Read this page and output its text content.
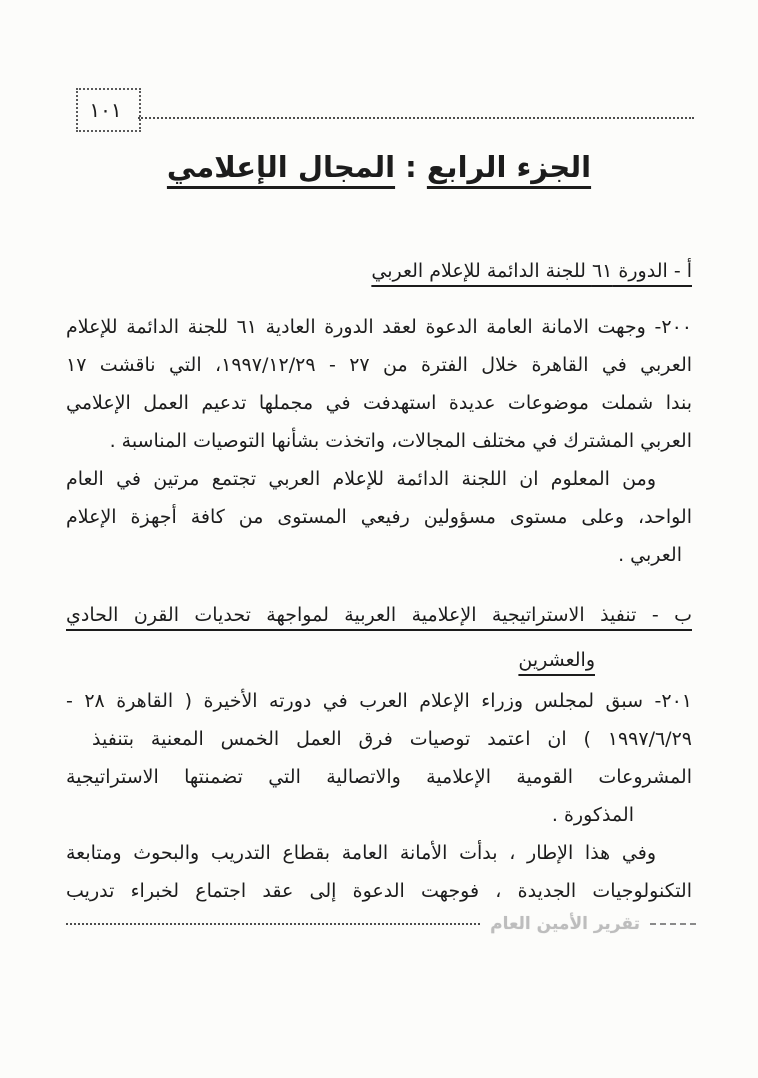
١٠١
الجزء الرابع : المجال الإعلامي
أ - الدورة ٦١ للجنة الدائمة للإعلام العربي
٢٠٠- وجهت الامانة العامة الدعوة لعقد الدورة العادية ٦١ للجنة الدائمة للإعلام
العربي في القاهرة خلال الفترة من ٢٧ - ١٩٩٧/١٢/٢٩، التي ناقشت ١٧
بندا شملت موضوعات عديدة استهدفت في مجملها تدعيم العمل الإعلامي
العربي المشترك في مختلف المجالات، واتخذت بشأنها التوصيات المناسبة .
ومن المعلوم ان اللجنة الدائمة للإعلام العربي تجتمع مرتين في العام
الواحد، وعلى مستوى مسؤولين رفيعي المستوى من كافة أجهزة الإعلام
العربي .
ب - تنفيذ الاستراتيجية الإعلامية العربية لمواجهة تحديات القرن الحادي
والعشرين
٢٠١- سبق لمجلس وزراء الإعلام العرب في دورته الأخيرة ( القاهرة ٢٨ -
١٩٩٧/٦/٢٩ ) ان اعتمد توصيات فرق العمل الخمس المعنية بتنفيذ
المشروعات القومية الإعلامية والاتصالية التي تضمنتها الاستراتيجية
المذكورة .
وفي هذا الإطار ، بدأت الأمانة العامة بقطاع التدريب والبحوث ومتابعة
التكنولوجيات الجديدة ، فوجهت الدعوة إلى عقد اجتماع لخبراء تدريب
تقرير الأمين العام
